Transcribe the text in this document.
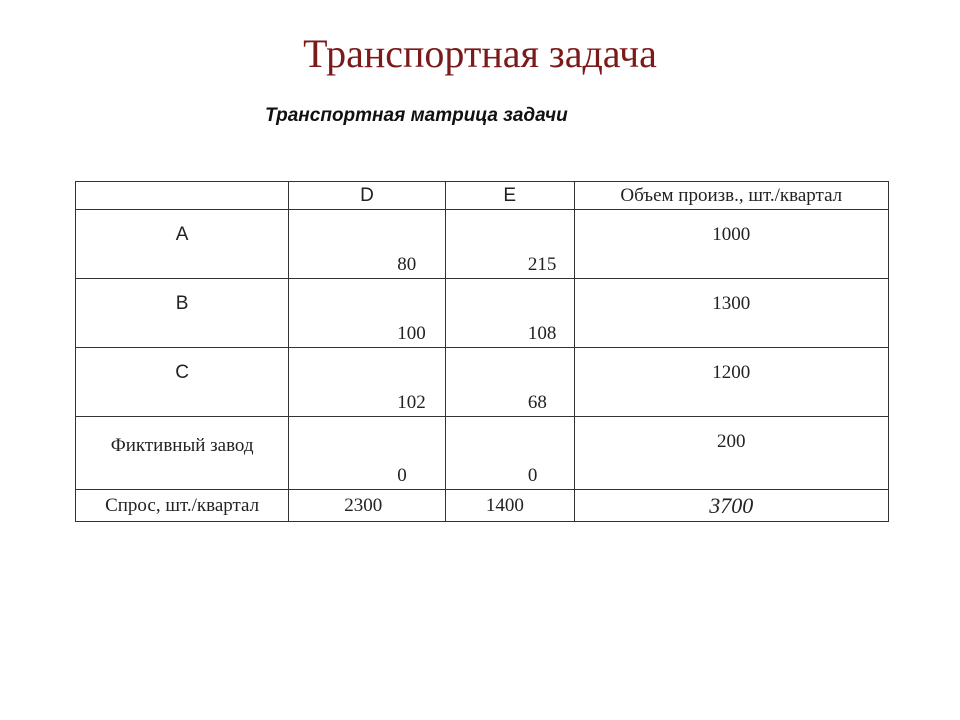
Транспортная задача
Транспортная матрица задачи
	D	E	Объем произв., шт./квартал
A	80	215	1000
B	100	108	1300
C	102	68	1200
Фиктивный завод	0	0	200
Спрос, шт./квартал	2300	1400	3700
